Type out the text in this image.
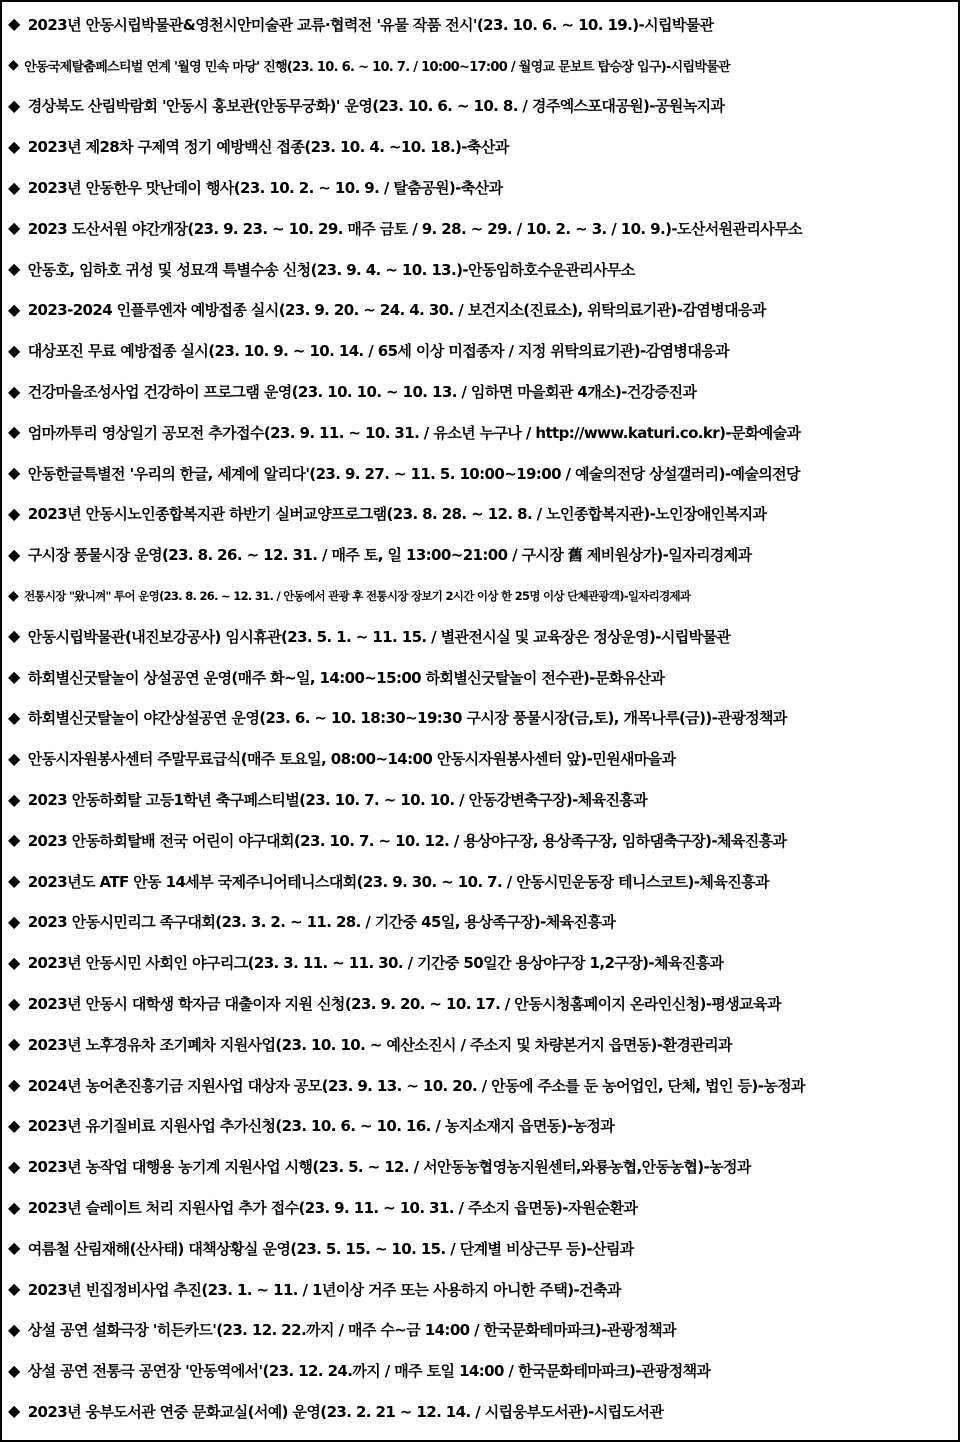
◆ 2023년 안동시립박물관&영천시안미술관 교류·협력전 '유물 작품 전시'(23. 10. 6. ~ 10. 19.)-시립박물관
◆ 안동국제탈춤페스티벌 연계 '월영 민속 마당' 진행(23. 10. 6. ~ 10. 7. / 10:00~17:00 / 월영교 문보트 탑승장 입구)-시립박물관
◆ 경상북도 산림박람회 '안동시 홍보관(안동무궁화)' 운영(23. 10. 6. ~ 10. 8. / 경주엑스포대공원)-공원녹지과
◆ 2023년 제28차 구제역 정기 예방백신 접종(23. 10. 4. ~10. 18.)-축산과
◆ 2023년 안동한우 맛난데이 행사(23. 10. 2. ~ 10. 9. / 탈춤공원)-축산과
◆ 2023 도산서원 야간개장(23. 9. 23. ~ 10. 29. 매주 금토 / 9. 28. ~ 29. / 10. 2. ~ 3. / 10. 9.)-도산서원관리사무소
◆ 안동호, 임하호 귀성 및 성묘객 특별수송 신청(23. 9. 4. ~ 10. 13.)-안동임하호수운관리사무소
◆ 2023-2024 인플루엔자 예방접종 실시(23. 9. 20. ~ 24. 4. 30. / 보건지소(진료소), 위탁의료기관)-감염병대응과
◆ 대상포진 무료 예방접종 실시(23. 10. 9. ~ 10. 14. / 65세 이상 미접종자 / 지정 위탁의료기관)-감염병대응과
◆ 건강마을조성사업 건강하이 프로그램 운영(23. 10. 10. ~ 10. 13. / 임하면 마을회관 4개소)-건강증진과
◆ 엄마까투리 영상일기 공모전 추가접수(23. 9. 11. ~ 10. 31. / 유소년 누구나 / http://www.katuri.co.kr)-문화예술과
◆ 안동한글특별전 '우리의 한글, 세계에 알리다'(23. 9. 27. ~ 11. 5. 10:00~19:00 / 예술의전당 상설갤러리)-예술의전당
◆ 2023년 안동시노인종합복지관 하반기 실버교양프로그램(23. 8. 28. ~ 12. 8. / 노인종합복지관)-노인장애인복지과
◆ 구시장 풍물시장 운영(23. 8. 26. ~ 12. 31. / 매주 토, 일 13:00~21:00 / 구시장 舊 제비원상가)-일자리경제과
◆ 전통시장 "왔니껴" 투어 운영(23. 8. 26. ~ 12. 31. / 안동에서 관광 후 전통시장 장보기 2시간 이상 한 25명 이상 단체관광객)-일자리경제과
◆ 안동시립박물관(내진보강공사) 임시휴관(23. 5. 1. ~ 11. 15. / 별관전시실 및 교육장은 정상운영)-시립박물관
◆ 하회별신굿탈놀이 상설공연 운영(매주 화~일, 14:00~15:00 하회별신굿탈놀이 전수관)-문화유산과
◆ 하회별신굿탈놀이 야간상설공연 운영(23. 6. ~ 10. 18:30~19:30 구시장 풍물시장(금,토), 개목나루(금))-관광정책과
◆ 안동시자원봉사센터 주말무료급식(매주 토요일, 08:00~14:00 안동시자원봉사센터 앞)-민원새마을과
◆ 2023 안동하회탈 고등1학년 축구페스티벌(23. 10. 7. ~ 10. 10. / 안동강변축구장)-체육진흥과
◆ 2023 안동하회탈배 전국 어린이 야구대회(23. 10. 7. ~ 10. 12. / 용상야구장, 용상족구장, 임하댐축구장)-체육진흥과
◆ 2023년도 ATF 안동 14세부 국제주니어테니스대회(23. 9. 30. ~ 10. 7. / 안동시민운동장 테니스코트)-체육진흥과
◆ 2023 안동시민리그 족구대회(23. 3. 2. ~ 11. 28. / 기간중 45일, 용상족구장)-체육진흥과
◆ 2023년 안동시민 사회인 야구리그(23. 3. 11. ~ 11. 30. / 기간중 50일간 용상야구장 1,2구장)-체육진흥과
◆ 2023년 안동시 대학생 학자금 대출이자 지원 신청(23. 9. 20. ~ 10. 17. / 안동시청홈페이지 온라인신청)-평생교육과
◆ 2023년 노후경유차 조기폐차 지원사업(23. 10. 10. ~ 예산소진시 / 주소지 및 차량본거지 읍면동)-환경관리과
◆ 2024년 농어촌진흥기금 지원사업 대상자 공모(23. 9. 13. ~ 10. 20. / 안동에 주소를 둔 농어업인, 단체, 법인 등)-농정과
◆ 2023년 유기질비료 지원사업 추가신청(23. 10. 6. ~ 10. 16. / 농지소재지 읍면동)-농정과
◆ 2023년 농작업 대행용 농기계 지원사업 시행(23. 5. ~ 12. / 서안동농협영농지원센터,와룡농협,안동농협)-농정과
◆ 2023년 슬레이트 처리 지원사업 추가 접수(23. 9. 11. ~ 10. 31. / 주소지 읍면동)-자원순환과
◆ 여름철 산림재해(산사태) 대책상황실 운영(23. 5. 15. ~ 10. 15. / 단계별 비상근무 등)-산림과
◆ 2023년 빈집정비사업 추진(23. 1. ~ 11. / 1년이상 거주 또는 사용하지 아니한 주택)-건축과
◆ 상설 공연 설화극장 '히든카드'(23. 12. 22.까지 / 매주 수~금 14:00 / 한국문화테마파크)-관광정책과
◆ 상설 공연 전통극 공연장 '안동역에서'(23. 12. 24.까지 / 매주 토일 14:00 / 한국문화테마파크)-관광정책과
◆ 2023년 웅부도서관 연중 문화교실(서예) 운영(23. 2. 21 ~ 12. 14. / 시립웅부도서관)-시립도서관
